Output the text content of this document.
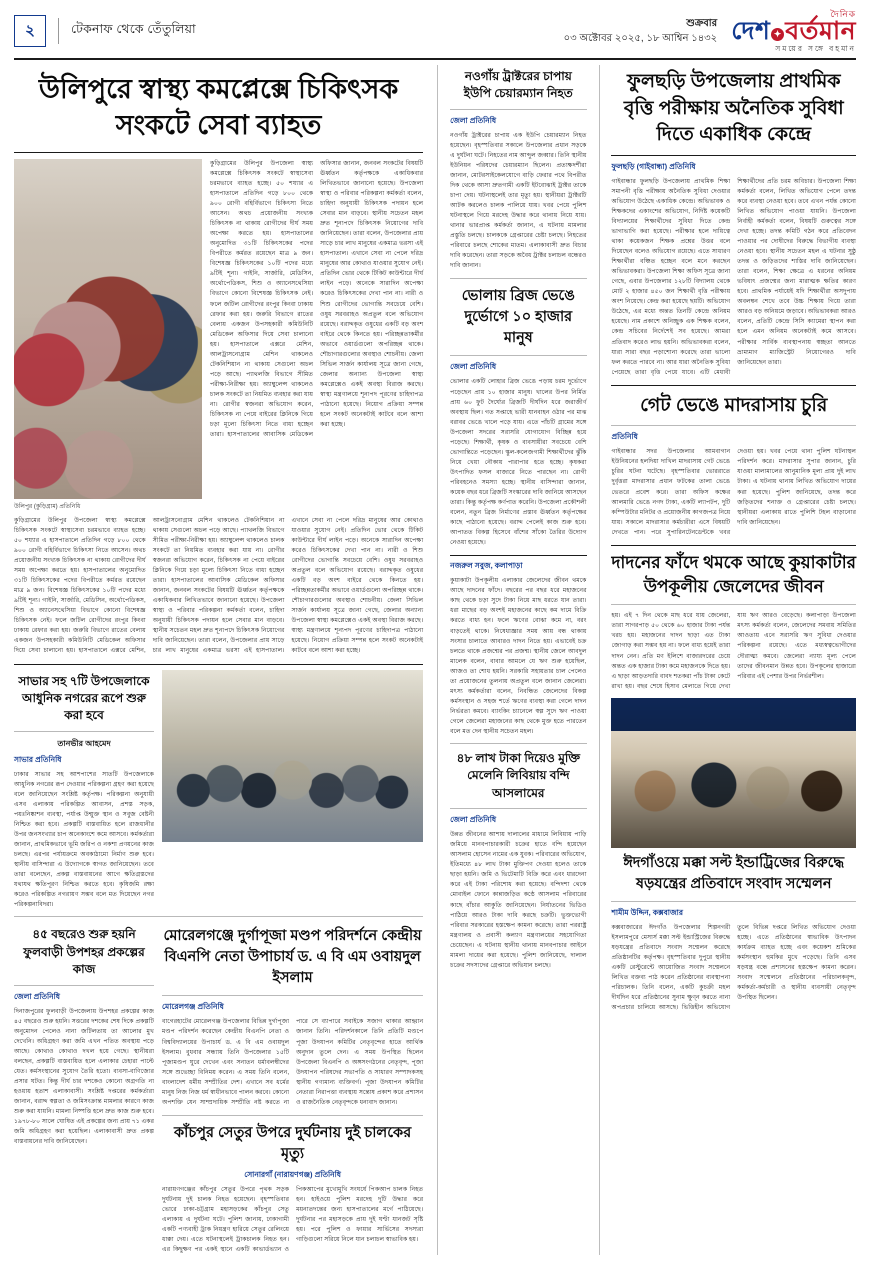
২	টেকনাফ থেকে তেঁতুলিয়া	শুক্রবার
০৩ অক্টোবর ২০২৫, ১৮ আশ্বিন ১৪৩২
দৈনিক
দেশ ✦ বর্তমান
সময়ের সঙ্গে বহমান
উলিপুরে স্বাস্থ্য কমপ্লেক্সে চিকিৎসক সংকটে সেবা ব্যাহত
উলিপুর (কুড়িগ্রাম) প্রতিনিধি
কুড়িগ্রামের উলিপুর উপজেলা স্বাস্থ্য কমপ্লেক্সে চিকিৎসক সংকটে স্বাস্থ্যসেবা চরমভাবে ব্যাহত হচ্ছে। ৫০ শয্যার এ হাসপাতালে প্রতিদিন গড়ে ৮০০ থেকে ৯০০ রোগী বহির্বিভাগে চিকিৎসা নিতে আসেন। অথচ প্রয়োজনীয় সংখ্যক চিকিৎসক না থাকায় রোগীদের দীর্ঘ সময় অপেক্ষা করতে হয়। হাসপাতালের অনুমোদিত ৩১টি চিকিৎসকের পদের বিপরীতে কর্মরত রয়েছেন মাত্র ৯ জন। বিশেষজ্ঞ চিকিৎসকের ১০টি পদের মধ্যে ৯টিই শূন্য। গাইনি, সার্জারি, মেডিসিন, অর্থোপেডিকস, শিশু ও অ্যানেসথেসিয়া বিভাগে কোনো বিশেষজ্ঞ চিকিৎসক নেই। ফলে জটিল রোগীদের রংপুর কিংবা ঢাকায় রেফার করা হয়। জরুরি বিভাগে রাতের বেলায় একজন উপসহকারী কমিউনিটি মেডিকেল অফিসার দিয়ে সেবা চালানো হয়। হাসপাতালে এক্সরে মেশিন, আলট্রাসনোগ্রাম মেশিন থাকলেও টেকনিশিয়ান না থাকায় সেগুলো অচল পড়ে আছে। প্যাথলজি বিভাগে সীমিত পরীক্ষা-নিরীক্ষা হয়। অ্যাম্বুলেন্স থাকলেও চালক সংকটে তা নিয়মিত ব্যবহার করা যায় না। রোগীর স্বজনরা অভিযোগ করেন, চিকিৎসক না পেয়ে বাইরের ক্লিনিকে গিয়ে চড়া মূল্যে চিকিৎসা নিতে বাধ্য হচ্ছেন তারা। হাসপাতালের আবাসিক মেডিকেল অফিসার জানান, জনবল সংকটের বিষয়টি ঊর্ধ্বতন কর্তৃপক্ষকে একাধিকবার লিখিতভাবে জানানো হয়েছে। উপজেলা স্বাস্থ্য ও পরিবার পরিকল্পনা কর্মকর্তা বলেন, চাহিদা অনুযায়ী চিকিৎসক পদায়ন হলে সেবার মান বাড়বে। স্থানীয় সচেতন মহল দ্রুত শূন্যপদে চিকিৎসক নিয়োগের দাবি জানিয়েছেন। তারা বলেন, উপজেলার প্রায় সাড়ে চার লাখ মানুষের একমাত্র ভরসা এই হাসপাতাল। এখানে সেবা না পেলে দরিদ্র মানুষের আর কোথাও যাওয়ার সুযোগ নেই। প্রতিদিন ভোর থেকে টিকিট কাউন্টারে দীর্ঘ লাইন পড়ে। অনেকে সারাদিন অপেক্ষা করেও চিকিৎসকের দেখা পান না। নারী ও শিশু রোগীদের ভোগান্তি সবচেয়ে বেশি। ওষুধ সরবরাহও অপ্রতুল বলে অভিযোগ রয়েছে। বরাদ্দকৃত ওষুধের একটি বড় অংশ বাইরে থেকে কিনতে হয়। পরিচ্ছন্নতাকর্মীর অভাবে ওয়ার্ডগুলো অপরিচ্ছন্ন থাকে। শৌচাগারগুলোর অবস্থাও শোচনীয়। জেলা সিভিল সার্জন কার্যালয় সূত্রে জানা গেছে, জেলার অন্যান্য উপজেলা স্বাস্থ্য কমপ্লেক্সেও একই অবস্থা বিরাজ করছে। স্বাস্থ্য মন্ত্রণালয়ে শূন্যপদ পূরণের চাহিদাপত্র পাঠানো হয়েছে। নিয়োগ প্রক্রিয়া সম্পন্ন হলে সংকট অনেকটাই কাটবে বলে আশা করা হচ্ছে।
কুড়িগ্রামের উলিপুর উপজেলা স্বাস্থ্য কমপ্লেক্সে চিকিৎসক সংকটে স্বাস্থ্যসেবা চরমভাবে ব্যাহত হচ্ছে। ৫০ শয্যার এ হাসপাতালে প্রতিদিন গড়ে ৮০০ থেকে ৯০০ রোগী বহির্বিভাগে চিকিৎসা নিতে আসেন। অথচ প্রয়োজনীয় সংখ্যক চিকিৎসক না থাকায় রোগীদের দীর্ঘ সময় অপেক্ষা করতে হয়। হাসপাতালের অনুমোদিত ৩১টি চিকিৎসকের পদের বিপরীতে কর্মরত রয়েছেন মাত্র ৯ জন। বিশেষজ্ঞ চিকিৎসকের ১০টি পদের মধ্যে ৯টিই শূন্য। গাইনি, সার্জারি, মেডিসিন, অর্থোপেডিকস, শিশু ও অ্যানেসথেসিয়া বিভাগে কোনো বিশেষজ্ঞ চিকিৎসক নেই। ফলে জটিল রোগীদের রংপুর কিংবা ঢাকায় রেফার করা হয়। জরুরি বিভাগে রাতের বেলায় একজন উপসহকারী কমিউনিটি মেডিকেল অফিসার দিয়ে সেবা চালানো হয়। হাসপাতালে এক্সরে মেশিন, আলট্রাসনোগ্রাম মেশিন থাকলেও টেকনিশিয়ান না থাকায় সেগুলো অচল পড়ে আছে। প্যাথলজি বিভাগে সীমিত পরীক্ষা-নিরীক্ষা হয়। অ্যাম্বুলেন্স থাকলেও চালক সংকটে তা নিয়মিত ব্যবহার করা যায় না। রোগীর স্বজনরা অভিযোগ করেন, চিকিৎসক না পেয়ে বাইরের ক্লিনিকে গিয়ে চড়া মূল্যে চিকিৎসা নিতে বাধ্য হচ্ছেন তারা। হাসপাতালের আবাসিক মেডিকেল অফিসার জানান, জনবল সংকটের বিষয়টি ঊর্ধ্বতন কর্তৃপক্ষকে একাধিকবার লিখিতভাবে জানানো হয়েছে। উপজেলা স্বাস্থ্য ও পরিবার পরিকল্পনা কর্মকর্তা বলেন, চাহিদা অনুযায়ী চিকিৎসক পদায়ন হলে সেবার মান বাড়বে। স্থানীয় সচেতন মহল দ্রুত শূন্যপদে চিকিৎসক নিয়োগের দাবি জানিয়েছেন। তারা বলেন, উপজেলার প্রায় সাড়ে চার লাখ মানুষের একমাত্র ভরসা এই হাসপাতাল। এখানে সেবা না পেলে দরিদ্র মানুষের আর কোথাও যাওয়ার সুযোগ নেই। প্রতিদিন ভোর থেকে টিকিট কাউন্টারে দীর্ঘ লাইন পড়ে। অনেকে সারাদিন অপেক্ষা করেও চিকিৎসকের দেখা পান না। নারী ও শিশু রোগীদের ভোগান্তি সবচেয়ে বেশি। ওষুধ সরবরাহও অপ্রতুল বলে অভিযোগ রয়েছে। বরাদ্দকৃত ওষুধের একটি বড় অংশ বাইরে থেকে কিনতে হয়। পরিচ্ছন্নতাকর্মীর অভাবে ওয়ার্ডগুলো অপরিচ্ছন্ন থাকে। শৌচাগারগুলোর অবস্থাও শোচনীয়। জেলা সিভিল সার্জন কার্যালয় সূত্রে জানা গেছে, জেলার অন্যান্য উপজেলা স্বাস্থ্য কমপ্লেক্সেও একই অবস্থা বিরাজ করছে। স্বাস্থ্য মন্ত্রণালয়ে শূন্যপদ পূরণের চাহিদাপত্র পাঠানো হয়েছে। নিয়োগ প্রক্রিয়া সম্পন্ন হলে সংকট অনেকটাই কাটবে বলে আশা করা হচ্ছে।
সাভার সহ ৭টি উপজেলাকে আধুনিক নগরের রূপে শুরু করা হবে
তানভীর আহমেদ
সাভার প্রতিনিধি
ঢাকার সাভার সহ আশপাশের সাতটি উপজেলাকে আধুনিক নগরের রূপ দেওয়ার পরিকল্পনা গ্রহণ করা হয়েছে বলে জানিয়েছেন সংশ্লিষ্ট কর্তৃপক্ষ। পরিকল্পনা অনুযায়ী এসব এলাকায় পরিকল্পিত আবাসন, প্রশস্ত সড়ক, পয়ঃনিষ্কাশন ব্যবস্থা, পর্যাপ্ত উন্মুক্ত স্থান ও সবুজ বেষ্টনী নিশ্চিত করা হবে। প্রকল্পটি বাস্তবায়িত হলে রাজধানীর উপর জনসংখ্যার চাপ অনেকাংশে কমে আসবে। কর্মকর্তারা জানান, প্রাথমিকভাবে ভূমি জরিপ ও নকশা প্রণয়নের কাজ চলছে। এরপর পর্যায়ক্রমে অবকাঠামো নির্মাণ শুরু হবে। স্থানীয় বাসিন্দারা এ উদ্যোগকে স্বাগত জানিয়েছেন। তবে তারা বলেছেন, প্রকল্প বাস্তবায়নের আগে ক্ষতিগ্রস্তদের যথাযথ ক্ষতিপূরণ নিশ্চিত করতে হবে। কৃষিজমি রক্ষা করেও পরিকল্পিত নগরায়ণ সম্ভব বলে মত দিয়েছেন নগর পরিকল্পনাবিদরা।
৪৫ বছরেও শুরু হয়নি ফুলবাড়ী উপশহর প্রকল্পের কাজ
জেলা প্রতিনিধি
দিনাজপুরের ফুলবাড়ী উপজেলায় উপশহর প্রকল্পের কাজ ৪৫ বছরেও শুরু হয়নি। সত্তরের দশকের শেষ দিকে প্রকল্পটি অনুমোদন পেলেও নানা জটিলতায় তা আলোর মুখ দেখেনি। অধিগ্রহণ করা জমি এখন পতিত অবস্থায় পড়ে আছে। কোথাও কোথাও দখল হয়ে গেছে। স্থানীয়রা বলছেন, প্রকল্পটি বাস্তবায়িত হলে এলাকার চেহারা পাল্টে যেত। কর্মসংস্থানের সুযোগ তৈরি হতো। ব্যবসা-বাণিজ্যের প্রসার ঘটত। কিন্তু দীর্ঘ চার দশকেও কোনো অগ্রগতি না হওয়ায় হতাশ এলাকাবাসী। সংশ্লিষ্ট দপ্তরের কর্মকর্তারা জানান, বরাদ্দ স্বল্পতা ও জমিসংক্রান্ত মামলার কারণে কাজ শুরু করা যায়নি। মামলা নিষ্পত্তি হলে দ্রুত কাজ শুরু হবে। ১৯৭৮-৮০ সালে ঘোষিত এই প্রকল্পের জন্য প্রায় ৭১ একর জমি অধিগ্রহণ করা হয়েছিল। এলাকাবাসী দ্রুত প্রকল্প বাস্তবায়নের দাবি জানিয়েছেন।
মোরেলগঞ্জে দুর্গাপূজা মণ্ডপ পরিদর্শনে কেন্দ্রীয় বিএনপি নেতা উপাচার্য ড. এ বি এম ওবায়দুল ইসলাম
মোরেলগঞ্জ প্রতিনিধি
বাগেরহাটের মোরেলগঞ্জ উপজেলার বিভিন্ন দুর্গাপূজা মণ্ডপ পরিদর্শন করেছেন কেন্দ্রীয় বিএনপি নেতা ও বিশ্ববিদ্যালয়ের উপাচার্য ড. এ বি এম ওবায়দুল ইসলাম। বুধবার সন্ধ্যায় তিনি উপজেলার ১৫টি পূজামণ্ডপ ঘুরে দেখেন এবং সনাতন ধর্মাবলম্বীদের সঙ্গে শুভেচ্ছা বিনিময় করেন। এ সময় তিনি বলেন, বাংলাদেশ ধর্মীয় সম্প্রীতির দেশ। এখানে সব ধর্মের মানুষ নিজ নিজ ধর্ম স্বাধীনভাবে পালন করবে। কোনো অপশক্তি যেন সাম্প্রদায়িক সম্প্রীতি নষ্ট করতে না পারে সে ব্যাপারে সবাইকে সজাগ থাকার আহ্বান জানান তিনি। পরিদর্শনকালে তিনি প্রতিটি মণ্ডপে পূজা উদযাপন কমিটির নেতৃবৃন্দের হাতে আর্থিক অনুদান তুলে দেন। এ সময় উপস্থিত ছিলেন উপজেলা বিএনপি ও অঙ্গসংগঠনের নেতৃবৃন্দ, পূজা উদযাপন পরিষদের সভাপতি ও সাধারণ সম্পাদকসহ স্থানীয় গণ্যমান্য ব্যক্তিবর্গ। পূজা উদযাপন কমিটির নেতারা নিরাপত্তা ব্যবস্থায় সন্তোষ প্রকাশ করে প্রশাসন ও রাজনৈতিক নেতৃবৃন্দকে ধন্যবাদ জানান।
কাঁচপুর সেতুর উপরে দুর্ঘটনায় দুই চালকের মৃত্যু
সোনারগাঁ (নারায়ণগঞ্জ) প্রতিনিধি
নারায়ণগঞ্জের কাঁচপুর সেতুর উপরে পৃথক সড়ক দুর্ঘটনায় দুই চালক নিহত হয়েছেন। বৃহস্পতিবার ভোরে ঢাকা-চট্টগ্রাম মহাসড়কের কাঁচপুর সেতু এলাকায় এ দুর্ঘটনা ঘটে। পুলিশ জানায়, ঢাকাগামী একটি পণ্যবাহী ট্রাক নিয়ন্ত্রণ হারিয়ে সেতুর রেলিংয়ে ধাক্কা দেয়। এতে ঘটনাস্থলেই ট্রাকচালক নিহত হন। এর কিছুক্ষণ পর একই স্থানে একটি কাভার্ডভ্যান ও পিকআপের মুখোমুখি সংঘর্ষে পিকআপ চালক নিহত হন। হাইওয়ে পুলিশ মরদেহ দুটি উদ্ধার করে ময়নাতদন্তের জন্য হাসপাতালের মর্গে পাঠিয়েছে। দুর্ঘটনার পর মহাসড়কে প্রায় দুই ঘণ্টা যানজট সৃষ্টি হয়। পরে পুলিশ ও ফায়ার সার্ভিসের সদস্যরা গাড়িগুলো সরিয়ে নিলে যান চলাচল স্বাভাবিক হয়।
নওগাঁয় ট্রাক্টরের চাপায় ইউপি চেয়ারম্যান নিহত
জেলা প্রতিনিধি
নওগাঁয় ট্রাক্টরের চাপায় এক ইউপি চেয়ারম্যান নিহত হয়েছেন। বৃহস্পতিবার সকালে উপজেলার প্রধান সড়কে এ দুর্ঘটনা ঘটে। নিহতের নাম আব্দুল জব্বার। তিনি স্থানীয় ইউনিয়ন পরিষদের চেয়ারম্যান ছিলেন। প্রত্যক্ষদর্শীরা জানান, মোটরসাইকেলযোগে বাড়ি ফেরার পথে বিপরীত দিক থেকে আসা দ্রুতগামী একটি ইটবোঝাই ট্রাক্টর তাকে চাপা দেয়। ঘটনাস্থলেই তার মৃত্যু হয়। স্থানীয়রা ট্রাক্টরটি আটক করলেও চালক পালিয়ে যায়। খবর পেয়ে পুলিশ ঘটনাস্থলে গিয়ে মরদেহ উদ্ধার করে থানায় নিয়ে যায়। থানার ভারপ্রাপ্ত কর্মকর্তা জানান, এ ঘটনায় মামলার প্রস্তুতি চলছে। চালককে গ্রেপ্তারের চেষ্টা চলছে। নিহতের পরিবারে চলছে শোকের মাতম। এলাকাবাসী দ্রুত বিচার দাবি করেছেন। তারা সড়কে অবৈধ ট্রাক্টর চলাচল বন্ধেরও দাবি জানান।
ভোলায় ব্রিজ ভেঙে দুর্ভোগে ১০ হাজার মানুষ
জেলা প্রতিনিধি
ভোলার একটি লোহার ব্রিজ ভেঙে পড়ায় চরম দুর্ভোগে পড়েছেন প্রায় ১০ হাজার মানুষ। খালের উপর নির্মিত প্রায় ৬০ ফুট দৈর্ঘ্যের ব্রিজটি দীর্ঘদিন ধরে জরাজীর্ণ অবস্থায় ছিল। গত সপ্তাহে ভারী যানবাহন ওঠার পর মাঝ বরাবর ভেঙে খালে পড়ে যায়। এতে পাঁচটি গ্রামের সঙ্গে উপজেলা সদরের সরাসরি যোগাযোগ বিচ্ছিন্ন হয়ে পড়েছে। শিক্ষার্থী, কৃষক ও ব্যবসায়ীরা সবচেয়ে বেশি ভোগান্তিতে পড়েছেন। স্কুল-কলেজগামী শিক্ষার্থীদের ঝুঁকি নিয়ে খেয়া নৌকায় পারাপার হতে হচ্ছে। কৃষকরা উৎপাদিত ফসল বাজারে নিতে পারছেন না। রোগী পরিবহনেও সমস্যা হচ্ছে। স্থানীয় বাসিন্দারা জানান, কয়েক বছর ধরে ব্রিজটি সংস্কারের দাবি জানিয়ে আসছেন তারা। কিন্তু কর্তৃপক্ষ কর্ণপাত করেনি। উপজেলা প্রকৌশলী বলেন, নতুন ব্রিজ নির্মাণের প্রস্তাব ঊর্ধ্বতন কর্তৃপক্ষের কাছে পাঠানো হয়েছে। বরাদ্দ পেলেই কাজ শুরু হবে। আপাতত বিকল্প হিসেবে বাঁশের সাঁকো তৈরির উদ্যোগ নেওয়া হয়েছে।
নজরুল সবুজ, কলাপাড়া
কুয়াকাটা উপকূলীয় এলাকার জেলেদের জীবন থমকে আছে দাদনের ফাঁদে। বছরের পর বছর ধরে মহাজনের কাছ থেকে চড়া সুদে টাকা নিয়ে মাছ ধরতে যান তারা। ধরা মাছের বড় অংশই মহাজনের কাছে কম দামে বিক্রি করতে বাধ্য হন। ফলে ঋণের বোঝা কমে না, বরং বাড়তেই থাকে। নিষেধাজ্ঞার সময় আয় বন্ধ থাকায় সংসার চালাতে আবারও দাদন নিতে হয়। এভাবেই চক্র চলতে থাকে প্রজন্মের পর প্রজন্ম। স্থানীয় জেলে আবদুল মালেক বলেন, বাবার আমলে যে ঋণ শুরু হয়েছিল, আজও তা শোধ হয়নি। সরকারি সহায়তার চাল পেলেও তা প্রয়োজনের তুলনায় অপ্রতুল বলে জানান জেলেরা। মৎস্য কর্মকর্তারা বলেন, নিবন্ধিত জেলেদের বিকল্প কর্মসংস্থান ও সহজ শর্তে ঋণের ব্যবস্থা করা গেলে দাদন নির্ভরতা কমবে। ব্যাংকিং চ্যানেলে স্বল্প সুদে ঋণ পাওয়া গেলে জেলেরা মহাজনের কাছ থেকে মুক্ত হতে পারতেন বলে মত দেন স্থানীয় সচেতন মহল।
৪৮ লাখ টাকা দিয়েও মুক্তি মেলেনি লিবিয়ায় বন্দি আসলামের
জেলা প্রতিনিধি
উন্নত জীবনের আশায় দালালের মাধ্যমে লিবিয়ায় পাড়ি জমিয়ে মানবপাচারকারী চক্রের হাতে বন্দি হয়েছেন আসলাম হোসেন নামের এক যুবক। পরিবারের অভিযোগ, ইতিমধ্যে ৪৮ লাখ টাকা মুক্তিপণ দেওয়া হলেও তাকে ছাড়া হয়নি। জমি ও ভিটেমাটি বিক্রি করে এবং ধারদেনা করে এই টাকা পরিশোধ করা হয়েছে। বন্দিদশা থেকে মোবাইল ফোনে কান্নাজড়িত কণ্ঠে আসলাম পরিবারের কাছে বাঁচার আকুতি জানিয়েছেন। নির্যাতনের ভিডিও পাঠিয়ে আরও টাকা দাবি করছে চক্রটি। ভুক্তভোগী পরিবার সরকারের হস্তক্ষেপ কামনা করেছে। তারা পররাষ্ট্র মন্ত্রণালয় ও প্রবাসী কল্যাণ মন্ত্রণালয়ের সহযোগিতা চেয়েছেন। এ ঘটনায় স্থানীয় থানায় মানবপাচার আইনে মামলা দায়ের করা হয়েছে। পুলিশ জানিয়েছে, দালাল চক্রের সদস্যদের গ্রেপ্তারে অভিযান চলছে।
ফুলছড়ি উপজেলায় প্রাথমিক বৃত্তি পরীক্ষায় অনৈতিক সুবিধা দিতে একাধিক কেন্দ্রে
ফুলছড়ি (গাইবান্ধা) প্রতিনিধি
গাইবান্ধার ফুলছড়ি উপজেলায় প্রাথমিক শিক্ষা সমাপনী বৃত্তি পরীক্ষায় অনৈতিক সুবিধা দেওয়ার অভিযোগ উঠেছে একাধিক কেন্দ্রে। অভিভাবক ও শিক্ষকদের একাংশের অভিযোগ, নির্দিষ্ট কয়েকটি বিদ্যালয়ের শিক্ষার্থীদের সুবিধা দিতে কেন্দ্র ভাগাভাগি করা হয়েছে। পরীক্ষার হলে দায়িত্বে থাকা কয়েকজন শিক্ষক প্রশ্নের উত্তর বলে দিয়েছেন বলেও অভিযোগ রয়েছে। এতে সাধারণ শিক্ষার্থীরা বঞ্চিত হচ্ছেন বলে মনে করছেন অভিভাবকরা। উপজেলা শিক্ষা অফিস সূত্রে জানা গেছে, এবার উপজেলার ১২৮টি বিদ্যালয় থেকে মোট ২ হাজার ৪৫০ জন শিক্ষার্থী বৃত্তি পরীক্ষায় অংশ নিয়েছে। কেন্দ্র করা হয়েছে ছয়টি। অভিযোগ উঠেছে, এর মধ্যে অন্তত তিনটি কেন্দ্রে অনিয়ম হয়েছে। নাম প্রকাশে অনিচ্ছুক এক শিক্ষক বলেন, কেন্দ্র সচিবের নির্দেশেই সব হয়েছে। আমরা প্রতিবাদ করেও লাভ হয়নি। অভিভাবকরা বলেন, যারা সারা বছর পড়াশোনা করেছে তারা ভালো ফল করতে পারবে না। আর যারা অনৈতিক সুবিধা পেয়েছে তারা বৃত্তি পেয়ে যাবে। এটি মেধাবী শিক্ষার্থীদের প্রতি চরম অবিচার। উপজেলা শিক্ষা কর্মকর্তা বলেন, লিখিত অভিযোগ পেলে তদন্ত করে ব্যবস্থা নেওয়া হবে। তবে এখন পর্যন্ত কোনো লিখিত অভিযোগ পাওয়া যায়নি। উপজেলা নির্বাহী কর্মকর্তা বলেন, বিষয়টি গুরুত্বের সঙ্গে দেখা হচ্ছে। তদন্ত কমিটি গঠন করে প্রতিবেদন পাওয়ার পর দোষীদের বিরুদ্ধে বিভাগীয় ব্যবস্থা নেওয়া হবে। স্থানীয় সচেতন মহল এ ঘটনার সুষ্ঠু তদন্ত ও জড়িতদের শাস্তির দাবি জানিয়েছেন। তারা বলেন, শিক্ষা ক্ষেত্রে এ ধরনের অনিয়ম ভবিষ্যৎ প্রজন্মের জন্য মারাত্মক ক্ষতির কারণ হবে। প্রাথমিক পর্যায়েই যদি শিক্ষার্থীরা অসদুপায় অবলম্বন শেখে তবে উচ্চ শিক্ষায় গিয়ে তারা আরও বড় অনিয়মে জড়াবে। অভিভাবকরা আরও বলেন, প্রতিটি কেন্দ্রে সিসি ক্যামেরা স্থাপন করা হলে এমন অনিয়ম অনেকটাই কমে আসবে। পরীক্ষার সার্বিক ব্যবস্থাপনায় স্বচ্ছতা আনতে ভ্রাম্যমাণ ম্যাজিস্ট্রেট নিয়োগেরও দাবি জানিয়েছেন তারা।
গেট ভেঙে মাদরাসায় চুরি
প্রতিনিধি
গাইবান্ধার সদর উপজেলার আমবাগান ইউনিয়নের হলদিয়া দাখিল মাদরাসায় গেট ভেঙে চুরির ঘটনা ঘটেছে। বৃহস্পতিবার ভোররাতে দুর্বৃত্তরা মাদরাসার প্রধান ফটকের তালা ভেঙে ভেতরে প্রবেশ করে। তারা অফিস কক্ষের আলমারি ভেঙে নগদ টাকা, একটি ল্যাপটপ, দুটি কম্পিউটার মনিটর ও প্রয়োজনীয় কাগজপত্র নিয়ে যায়। সকালে মাদরাসার কর্মচারীরা এসে বিষয়টি দেখতে পান। পরে সুপারিনটেনডেন্টকে খবর দেওয়া হয়। খবর পেয়ে থানা পুলিশ ঘটনাস্থল পরিদর্শন করে। মাদরাসার সুপার জানান, চুরি যাওয়া মালামালের আনুমানিক মূল্য প্রায় দুই লাখ টাকা। এ ঘটনায় থানায় লিখিত অভিযোগ দায়ের করা হয়েছে। পুলিশ জানিয়েছে, তদন্ত করে জড়িতদের শনাক্ত ও গ্রেপ্তারের চেষ্টা চলছে। স্থানীয়রা এলাকায় রাতে পুলিশি টহল বাড়ানোর দাবি জানিয়েছেন।
দাদনের ফাঁদে থমকে আছে কুয়াকাটার উপকূলীয় জেলেদের জীবন
হয়। এই ৭ দিন থেকে মাছ ধরে যায় জেলেরা, তারা সাগরপাড় ৫০ থেকে ৬০ হাজার টাকা পর্যন্ত খরচ হয়। মহাজনের দাদন ছাড়া এত টাকা জোগাড় করা সম্ভব হয় না। ফলে বাধ্য হয়েই তারা দাদন নেন। প্রতি মণ ইলিশে বাজারদরের চেয়ে অন্তত এক হাজার টাকা কমে মহাজনকে দিতে হয়। এ ছাড়া আড়তদারি বাবদ শতকরা পাঁচ টাকা কেটে রাখা হয়। বছর শেষে হিসাব মেলাতে গিয়ে দেখা যায় ঋণ আরও বেড়েছে। কলাপাড়া উপজেলা মৎস্য কর্মকর্তা বলেন, জেলেদের সমবায় সমিতির আওতায় এনে সরাসরি ঋণ সুবিধা দেওয়ার পরিকল্পনা রয়েছে। এতে মধ্যস্বত্বভোগীদের দৌরাত্ম্য কমবে। জেলেরা ন্যায্য মূল্য পেলে তাদের জীবনমান উন্নত হবে। উপকূলের হাজারো পরিবার এই পেশার উপর নির্ভরশীল।
ঈদগাঁওয়ে মক্কা সল্ট ইন্ডাট্রিজের বিরুদ্ধে ষড়যন্ত্রের প্রতিবাদে সংবাদ সম্মেলন
শামীম উদ্দিন, কক্সবাজার
কক্সবাজারের ঈদগাঁও উপজেলার শিল্পনগরী ইসলামপুরে মেসার্স মক্কা সল্ট ইন্ডাস্ট্রিজের বিরুদ্ধে ষড়যন্ত্রের প্রতিবাদে সংবাদ সম্মেলন করেছে প্রতিষ্ঠানটির কর্তৃপক্ষ। বৃহস্পতিবার দুপুরে স্থানীয় একটি রেস্টুরেন্টে আয়োজিত সংবাদ সম্মেলনে লিখিত বক্তব্য পাঠ করেন প্রতিষ্ঠানের ব্যবস্থাপনা পরিচালক। তিনি বলেন, একটি কুচক্রী মহল দীর্ঘদিন ধরে প্রতিষ্ঠানের সুনাম ক্ষুণ্ন করতে নানা অপপ্রচার চালিয়ে আসছে। ভিত্তিহীন অভিযোগ তুলে বিভিন্ন দপ্তরে লিখিত অভিযোগ দেওয়া হচ্ছে। এতে প্রতিষ্ঠানের স্বাভাবিক উৎপাদন কার্যক্রম ব্যাহত হচ্ছে এবং কয়েকশ শ্রমিকের কর্মসংস্থান হুমকির মুখে পড়েছে। তিনি এসব ষড়যন্ত্র বন্ধে প্রশাসনের হস্তক্ষেপ কামনা করেন। সংবাদ সম্মেলনে প্রতিষ্ঠানের পরিচালকবৃন্দ, কর্মকর্তা-কর্মচারী ও স্থানীয় ব্যবসায়ী নেতৃবৃন্দ উপস্থিত ছিলেন।
